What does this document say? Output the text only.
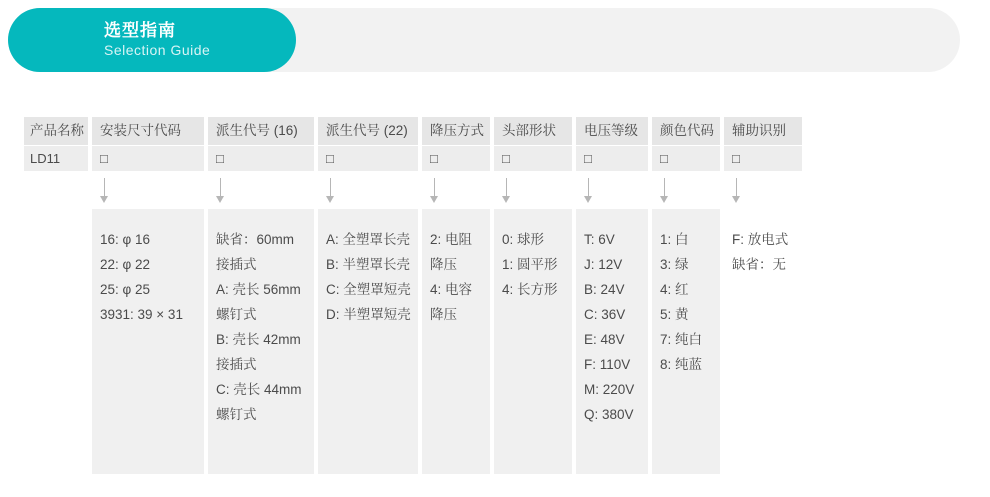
选型指南
Selection Guide
产品名称
LD11
安装尺寸代码
□
16: φ 16
22: φ 22
25: φ 25
3931: 39 × 31
派生代号 (16)
□
缺省：60mm
接插式
A: 壳长 56mm
螺钉式
B: 壳长 42mm
接插式
C: 壳长 44mm
螺钉式
派生代号 (22)
□
A: 全塑罩长壳
B: 半塑罩长壳
C: 全塑罩短壳
D: 半塑罩短壳
降压方式
□
2: 电阻
降压
4: 电容
降压
头部形状
□
0: 球形
1: 圆平形
4: 长方形
电压等级
□
T: 6V
J: 12V
B: 24V
C: 36V
E: 48V
F: 110V
M: 220V
Q: 380V
颜色代码
□
1: 白
3: 绿
4: 红
5: 黄
7: 纯白
8: 纯蓝
辅助识别
□
F: 放电式
缺省：无
